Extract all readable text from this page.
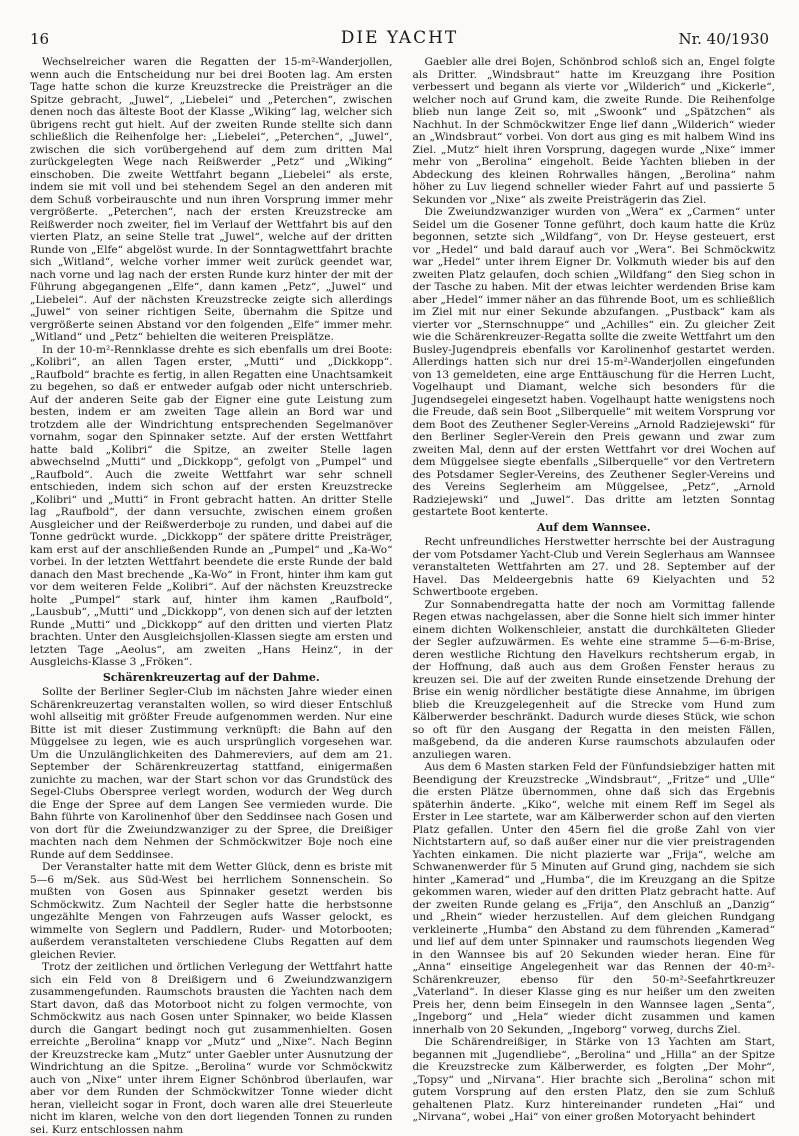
16	DIE YACHT	Nr. 40/1930

Wechselreicher waren die Regatten der 15-m²-Wanderjollen, wenn auch die Entscheidung nur bei drei Booten lag. Am ersten Tage hatte schon die kurze Kreuzstrecke die Preisträger an die Spitze gebracht, „Juwel“, „Liebelei“ und „Peterchen“, zwischen denen noch das älteste Boot der Klasse „Wiking“ lag, welcher sich übrigens recht gut hielt. Auf der zweiten Runde stellte sich dann schließlich die Reihenfolge her: „Liebelei“, „Peterchen“, „Juwel“, zwischen die sich vorübergehend auf dem zum dritten Mal zurückgelegten Wege nach Reißwerder „Petz“ und „Wiking“ einschoben. Die zweite Wettfahrt begann „Liebelei“ als erste, indem sie mit voll und bei stehendem Segel an den anderen mit dem Schuß vorbeirauschte und nun ihren Vorsprung immer mehr vergrößerte. „Peterchen“, nach der ersten Kreuzstrecke am Reißwerder noch zweiter, fiel im Verlauf der Wettfahrt bis auf den vierten Platz, an seine Stelle trat „Juwel“, welche auf der dritten Runde von „Elfe“ abgelöst wurde. In der Sonntagwettfahrt brachte sich „Witland“, welche vorher immer weit zurück geendet war, nach vorne und lag nach der ersten Runde kurz hinter der mit der Führung abgegangenen „Elfe“, dann kamen „Petz“, „Juwel“ und „Liebelei“. Auf der nächsten Kreuzstrecke zeigte sich allerdings „Juwel“ von seiner richtigen Seite, übernahm die Spitze und vergrößerte seinen Abstand vor den folgenden „Elfe“ immer mehr. „Witland“ und „Petz“ behielten die weiteren Preisplätze.

In der 10-m²-Rennklasse drehte es sich ebenfalls um drei Boote: „Kolibri“, an allen Tagen erster, „Mutti“ und „Dickkopp“. „Raufbold“ brachte es fertig, in allen Regatten eine Unachtsamkeit zu begehen, so daß er entweder aufgab oder nicht unterschrieb. Auf der anderen Seite gab der Eigner eine gute Leistung zum besten, indem er am zweiten Tage allein an Bord war und trotzdem alle der Windrichtung entsprechenden Segelmanöver vornahm, sogar den Spinnaker setzte. Auf der ersten Wettfahrt hatte bald „Kolibri“ die Spitze, an zweiter Stelle lagen abwechselnd „Mutti“ und „Dickkopp“, gefolgt von „Pumpel“ und „Raufbold“. Auch die zweite Wettfahrt war sehr schnell entschieden, indem sich schon auf der ersten Kreuzstrecke „Kolibri“ und „Mutti“ in Front gebracht hatten. An dritter Stelle lag „Raufbold“, der dann versuchte, zwischen einem großen Ausgleicher und der Reißwerderboje zu runden, und dabei auf die Tonne gedrückt wurde. „Dickkopp“ der spätere dritte Preisträger, kam erst auf der anschließenden Runde an „Pumpel“ und „Ka-Wo“ vorbei. In der letzten Wettfahrt beendete die erste Runde der bald danach den Mast brechende „Ka-Wo“ in Front, hinter ihm kam gut vor dem weiteren Felde „Kolibri“. Auf der nächsten Kreuzstrecke holte „Pumpel“ stark auf, hinter ihm kamen „Raufbold“, „Lausbub“, „Mutti“ und „Dickkopp“, von denen sich auf der letzten Runde „Mutti“ und „Dickkopp“ auf den dritten und vierten Platz brachten. Unter den Ausgleichsjollen-Klassen siegte am ersten und letzten Tage „Aeolus“, am zweiten „Hans Heinz“, in der Ausgleichs-Klasse 3 „Fröken“.

Schärenkreuzertag auf der Dahme.

Sollte der Berliner Segler-Club im nächsten Jahre wieder einen Schärenkreuzertag veranstalten wollen, so wird dieser Entschluß wohl allseitig mit größter Freude aufgenommen werden. Nur eine Bitte ist mit dieser Zustimmung verknüpft: die Bahn auf den Müggelsee zu legen, wie es auch ursprünglich vorgesehen war. Um die Unzulänglichkeiten des Dahmereviers, auf dem am 21. September der Schärenkreuzertag stattfand, einigermaßen zunichte zu machen, war der Start schon vor das Grundstück des Segel-Clubs Oberspree verlegt worden, wodurch der Weg durch die Enge der Spree auf dem Langen See vermieden wurde. Die Bahn führte von Karolinenhof über den Seddinsee nach Gosen und von dort für die Zweiundzwanziger zu der Spree, die Dreißiger machten nach dem Nehmen der Schmöckwitzer Boje noch eine Runde auf dem Seddinsee.

Der Veranstalter hatte mit dem Wetter Glück, denn es briste mit 5—6 m/Sek. aus Süd-West bei herrlichem Sonnenschein. So mußten von Gosen aus Spinnaker gesetzt werden bis Schmöckwitz. Zum Nachteil der Segler hatte die herbstsonne ungezählte Mengen von Fahrzeugen aufs Wasser gelockt, es wimmelte von Seglern und Paddlern, Ruder- und Motorbooten; außerdem veranstalteten verschiedene Clubs Regatten auf dem gleichen Revier.

Trotz der zeitlichen und örtlichen Verlegung der Wettfahrt hatte sich ein Feld von 8 Dreißigern und 6 Zweiundzwanzigern zusammengefunden. Raumschots brausten die Yachten nach dem Start davon, daß das Motorboot nicht zu folgen vermochte, von Schmöckwitz aus nach Gosen unter Spinnaker, wo beide Klassen durch die Gangart bedingt noch gut zusammenhielten. Gosen erreichte „Berolina“ knapp vor „Mutz“ und „Nixe“. Nach Beginn der Kreuzstrecke kam „Mutz“ unter Gaebler unter Ausnutzung der Windrichtung an die Spitze. „Berolina“ wurde vor Schmöckwitz auch von „Nixe“ unter ihrem Eigner Schönbrod überlaufen, war aber vor dem Runden der Schmöckwitzer Tonne wieder dicht heran, vielleicht sogar in Front, doch waren alle drei Steuerleute nicht im klaren, welche von den dort liegenden Tonnen zu runden sei. Kurz entschlossen nahm

Gaebler alle drei Bojen, Schönbrod schloß sich an, Engel folgte als Dritter. „Windsbraut“ hatte im Kreuzgang ihre Position verbessert und begann als vierte vor „Wilderich“ und „Kickerle“, welcher noch auf Grund kam, die zweite Runde. Die Reihenfolge blieb nun lange Zeit so, mit „Swoonk“ und „Spätzchen“ als Nachhut. In der Schmöckwitzer Enge lief dann „Wilderich“ wieder an „Windsbraut“ vorbei. Von dort aus ging es mit halbem Wind ins Ziel. „Mutz“ hielt ihren Vorsprung, dagegen wurde „Nixe“ immer mehr von „Berolina“ eingeholt. Beide Yachten blieben in der Abdeckung des kleinen Rohrwalles hängen, „Berolina“ nahm höher zu Luv liegend schneller wieder Fahrt auf und passierte 5 Sekunden vor „Nixe“ als zweite Preisträgerin das Ziel.

Die Zweiundzwanziger wurden von „Wera“ ex „Carmen“ unter Seidel um die Gosener Tonne geführt, doch kaum hatte die Krüz begonnen, setzte sich „Wildfang“, von Dr. Heyse gesteuert, erst vor „Hedel“ und bald darauf auch vor „Wera“. Bei Schmöckwitz war „Hedel“ unter ihrem Eigner Dr. Volkmuth wieder bis auf den zweiten Platz gelaufen, doch schien „Wildfang“ den Sieg schon in der Tasche zu haben. Mit der etwas leichter werdenden Brise kam aber „Hedel“ immer näher an das führende Boot, um es schließlich im Ziel mit nur einer Sekunde abzufangen. „Pustback“ kam als vierter vor „Sternschnuppe“ und „Achilles“ ein. Zu gleicher Zeit wie die Schärenkreuzer-Regatta sollte die zweite Wettfahrt um den Busley-Jugendpreis ebenfalls vor Karolinenhof gestartet werden. Allerdings hatten sich nur drei 15-m²-Wanderjollen eingefunden von 13 gemeldeten, eine arge Enttäuschung für die Herren Lucht, Vogelhaupt und Diamant, welche sich besonders für die Jugendsegelei eingesetzt haben. Vogelhaupt hatte wenigstens noch die Freude, daß sein Boot „Silberquelle“ mit weitem Vorsprung vor dem Boot des Zeuthener Segler-Vereins „Arnold Radziejewski“ für den Berliner Segler-Verein den Preis gewann und zwar zum zweiten Mal, denn auf der ersten Wettfahrt vor drei Wochen auf dem Müggelsee siegte ebenfalls „Silberquelle“ vor den Vertretern des Potsdamer Segler-Vereins, des Zeuthener Segler-Vereins und des Vereins Seglerheim am Müggelsee, „Petz“, „Arnold Radziejewski“ und „Juwel“. Das dritte am letzten Sonntag gestartete Boot kenterte.

Auf dem Wannsee.

Recht unfreundliches Herstwetter herrschte bei der Austragung der vom Potsdamer Yacht-Club und Verein Seglerhaus am Wannsee veranstalteten Wettfahrten am 27. und 28. September auf der Havel. Das Meldeergebnis hatte 69 Kielyachten und 52 Schwertboote ergeben.

Zur Sonnabendregatta hatte der noch am Vormittag fallende Regen etwas nachgelassen, aber die Sonne hielt sich immer hinter einem dichten Wolkenschleier, anstatt die durchkälteten Glieder der Segler aufzuwärmen. Es wehte eine stramme 5—6-m-Brise, deren westliche Richtung den Havelkurs rechtsherum ergab, in der Hoffnung, daß auch aus dem Großen Fenster heraus zu kreuzen sei. Die auf der zweiten Runde einsetzende Drehung der Brise ein wenig nördlicher bestätigte diese Annahme, im übrigen blieb die Kreuzgelegenheit auf die Strecke vom Hund zum Kälberwerder beschränkt. Dadurch wurde dieses Stück, wie schon so oft für den Ausgang der Regatta in den meisten Fällen, maßgebend, da die anderen Kurse raumschots abzulaufen oder anzuliegen waren.

Aus dem 6 Masten starken Feld der Fünfundsiebziger hatten mit Beendigung der Kreuzstrecke „Windsbraut“, „Fritze“ und „Ulle“ die ersten Plätze übernommen, ohne daß sich das Ergebnis späterhin änderte. „Kiko“, welche mit einem Reff im Segel als Erster in Lee startete, war am Kälberwerder schon auf den vierten Platz gefallen. Unter den 45ern fiel die große Zahl von vier Nichtstartern auf, so daß außer einer nur die vier preistragenden Yachten einkamen. Die nicht plazierte war „Frija“, welche am Schwanenwerder für 5 Minuten auf Grund ging, nachdem sie sich hinter „Kamerad“ und „Humba“, die im Kreuzgang an die Spitze gekommen waren, wieder auf den dritten Platz gebracht hatte. Auf der zweiten Runde gelang es „Frija“, den Anschluß an „Danzig“ und „Rhein“ wieder herzustellen. Auf dem gleichen Rundgang verkleinerte „Humba“ den Abstand zu dem führenden „Kamerad“ und lief auf dem unter Spinnaker und raumschots liegenden Weg in den Wannsee bis auf 20 Sekunden wieder heran. Eine für „Anna“ einseitige Angelegenheit war das Rennen der 40-m²-Schärenkreuzer, ebenso für den 50-m²-Seefahrtkreuzer „Vaterland“. In dieser Klasse ging es nur heißer um den zweiten Preis her, denn beim Einsegeln in den Wannsee lagen „Senta“, „Ingeborg“ und „Hela“ wieder dicht zusammen und kamen innerhalb von 20 Sekunden, „Ingeborg“ vorweg, durchs Ziel.

Die Schärendreißiger, in Stärke von 13 Yachten am Start, begannen mit „Jugendliebe“, „Berolina“ und „Hilla“ an der Spitze die Kreuzstrecke zum Kälberwerder, es folgten „Der Mohr“, „Topsy“ und „Nirvana“. Hier brachte sich „Berolina“ schon mit gutem Vorsprung auf den ersten Platz, den sie zum Schluß gehaltenen Platz. Kurz hintereinander rundeten „Hai“ und „Nirvana“, wobei „Hai“ von einer großen Motoryacht behindert
